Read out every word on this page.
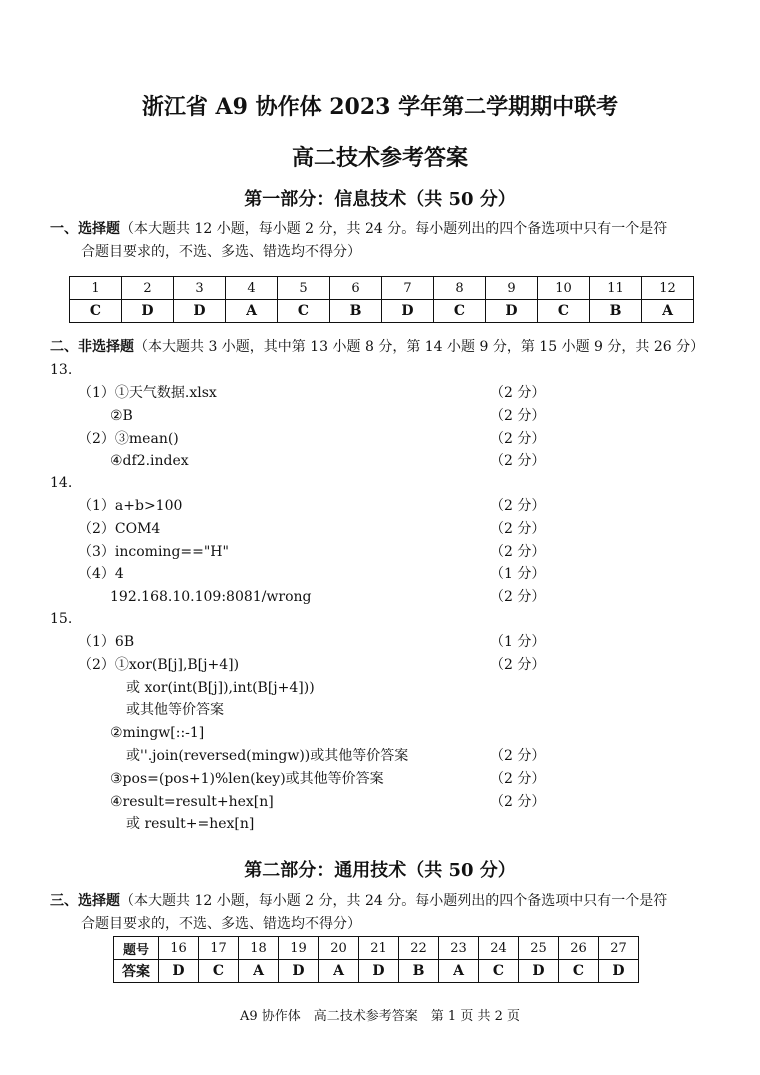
浙江省 A9 协作体 2023 学年第二学期期中联考
高二技术参考答案
第一部分：信息技术（共 50 分）
一、选择题（本大题共 12 小题，每小题 2 分，共 24 分。每小题列出的四个备选项中只有一个是符
合题目要求的，不选、多选、错选均不得分）
1	2	3	4	5	6	7	8	9	10	11	12
C	D	D	A	C	B	D	C	D	C	B	A
二、非选择题（本大题共 3 小题，其中第 13 小题 8 分，第 14 小题 9 分，第 15 小题 9 分，共 26 分）
13.
（1）①天气数据.xlsx	（2 分）
②B	（2 分）
（2）③mean()	（2 分）
④df2.index	（2 分）
14.
（1）a+b>100	（2 分）
（2）COM4	（2 分）
（3）incoming=="H"	（2 分）
（4）4	（1 分）
192.168.10.109:8081/wrong	（2 分）
15.
（1）6B	（1 分）
（2）①xor(B[j],B[j+4])	（2 分）
或 xor(int(B[j]),int(B[j+4]))
或其他等价答案
②mingw[::-1]
或''.join(reversed(mingw))或其他等价答案	（2 分）
③pos=(pos+1)%len(key)或其他等价答案	（2 分）
④result=result+hex[n]	（2 分）
或 result+=hex[n]
第二部分：通用技术（共 50 分）
三、选择题（本大题共 12 小题，每小题 2 分，共 24 分。每小题列出的四个备选项中只有一个是符
合题目要求的，不选、多选、错选均不得分）
题号	16	17	18	19	20	21	22	23	24	25	26	27
答案	D	C	A	D	A	D	B	A	C	D	C	D
A9 协作体　高二技术参考答案　第 1 页 共 2 页
